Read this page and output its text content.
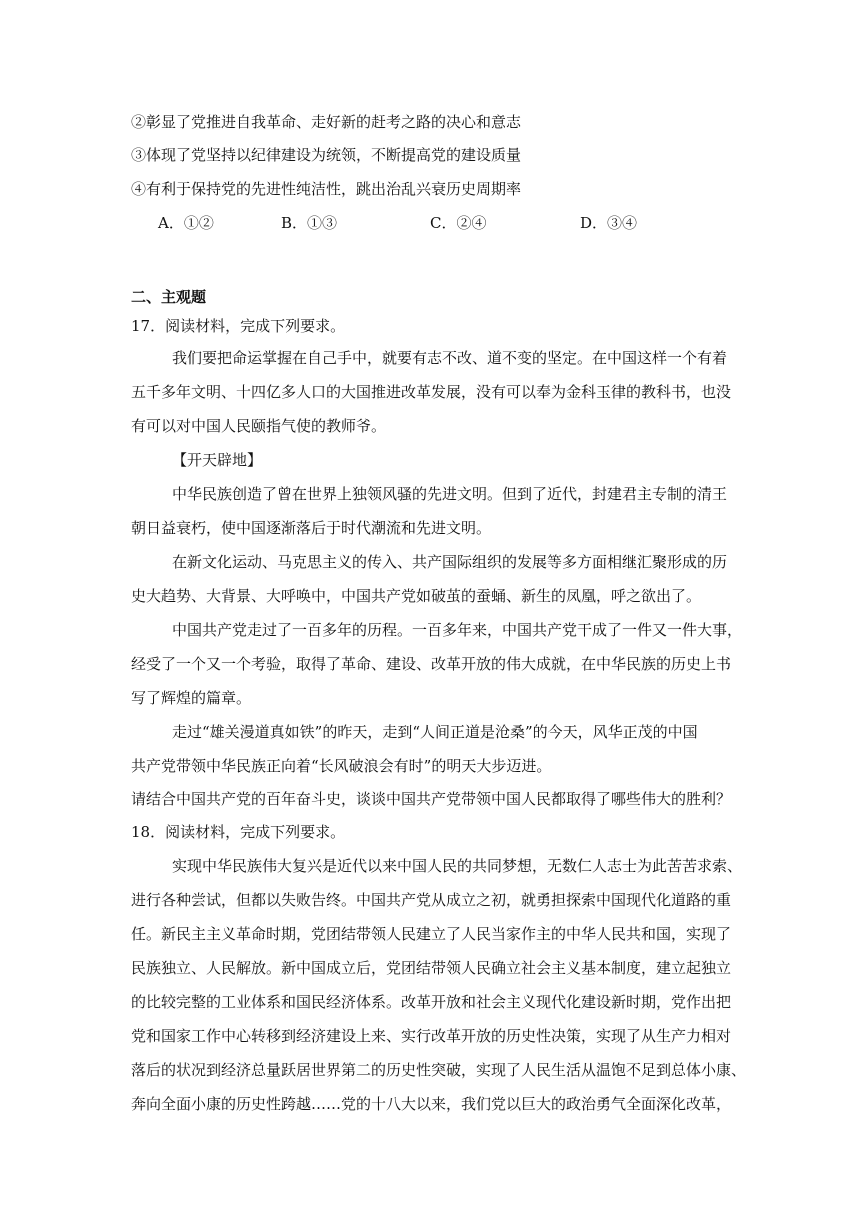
②彰显了党推进自我革命、走好新的赶考之路的决心和意志
③体现了党坚持以纪律建设为统领，不断提高党的建设质量
④有利于保持党的先进性纯洁性，跳出治乱兴衰历史周期率
A．①②	B．①③	C．②④	D．③④
二、主观题
17．阅读材料，完成下列要求。
我们要把命运掌握在自己手中，就要有志不改、道不变的坚定。在中国这样一个有着
五千多年文明、十四亿多人口的大国推进改革发展，没有可以奉为金科玉律的教科书，也没
有可以对中国人民颐指气使的教师爷。
【开天辟地】
中华民族创造了曾在世界上独领风骚的先进文明。但到了近代，封建君主专制的清王
朝日益衰朽，使中国逐渐落后于时代潮流和先进文明。
在新文化运动、马克思主义的传入、共产国际组织的发展等多方面相继汇聚形成的历
史大趋势、大背景、大呼唤中，中国共产党如破茧的蚕蛹、新生的凤凰，呼之欲出了。
中国共产党走过了一百多年的历程。一百多年来，中国共产党干成了一件又一件大事，
经受了一个又一个考验，取得了革命、建设、改革开放的伟大成就，在中华民族的历史上书
写了辉煌的篇章。
走过“雄关漫道真如铁”的昨天，走到“人间正道是沧桑”的今天，风华正茂的中国
共产党带领中华民族正向着“长风破浪会有时”的明天大步迈进。
请结合中国共产党的百年奋斗史，谈谈中国共产党带领中国人民都取得了哪些伟大的胜利？
18．阅读材料，完成下列要求。
实现中华民族伟大复兴是近代以来中国人民的共同梦想，无数仁人志士为此苦苦求索、
进行各种尝试，但都以失败告终。中国共产党从成立之初，就勇担探索中国现代化道路的重
任。新民主主义革命时期，党团结带领人民建立了人民当家作主的中华人民共和国，实现了
民族独立、人民解放。新中国成立后，党团结带领人民确立社会主义基本制度，建立起独立
的比较完整的工业体系和国民经济体系。改革开放和社会主义现代化建设新时期，党作出把
党和国家工作中心转移到经济建设上来、实行改革开放的历史性决策，实现了从生产力相对
落后的状况到经济总量跃居世界第二的历史性突破，实现了人民生活从温饱不足到总体小康、
奔向全面小康的历史性跨越……党的十八大以来，我们党以巨大的政治勇气全面深化改革，
